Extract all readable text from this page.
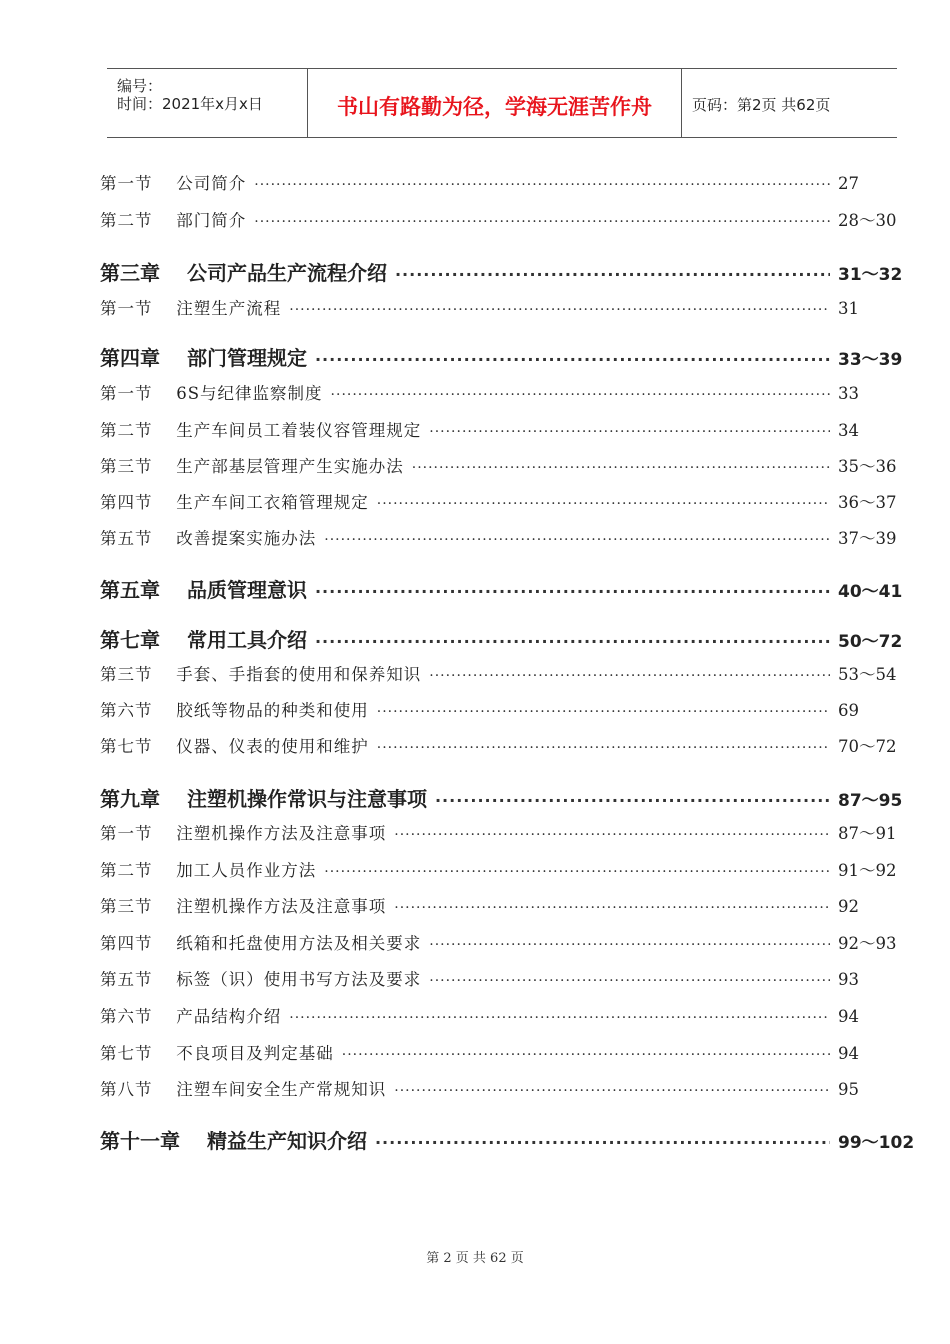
编号：
时间：2021年x月x日	书山有路勤为径，学海无涯苦作舟	页码：第2页 共62页
第一节  公司简介 ·····	27
第二节  部门简介 ·····	28～30
第三章  公司产品生产流程介绍 ·····	31～32
第一节  注塑生产流程 ·····	31
第四章  部门管理规定 ·····	33～39
第一节  6S与纪律监察制度 ·····	33
第二节  生产车间员工着装仪容管理规定 ·····	34
第三节  生产部基层管理产生实施办法 ·····	35～36
第四节  生产车间工衣箱管理规定 ·····	36～37
第五节  改善提案实施办法 ·····	37～39
第五章  品质管理意识 ·····	40～41
第七章  常用工具介绍 ·····	50～72
第三节  手套、手指套的使用和保养知识 ·····	53～54
第六节  胶纸等物品的种类和使用 ·····	69
第七节  仪器、仪表的使用和维护 ·····	70～72
第九章  注塑机操作常识与注意事项 ·····	87～95
第一节  注塑机操作方法及注意事项 ·····	87～91
第二节  加工人员作业方法 ·····	91～92
第三节  注塑机操作方法及注意事项 ·····	92
第四节  纸箱和托盘使用方法及相关要求 ·····	92～93
第五节  标签（识）使用书写方法及要求 ·····	93
第六节  产品结构介绍 ·····	94
第七节  不良项目及判定基础 ·····	94
第八节  注塑车间安全生产常规知识 ·····	95
第十一章  精益生产知识介绍 ·····	99～102
第 2 页 共 62 页
